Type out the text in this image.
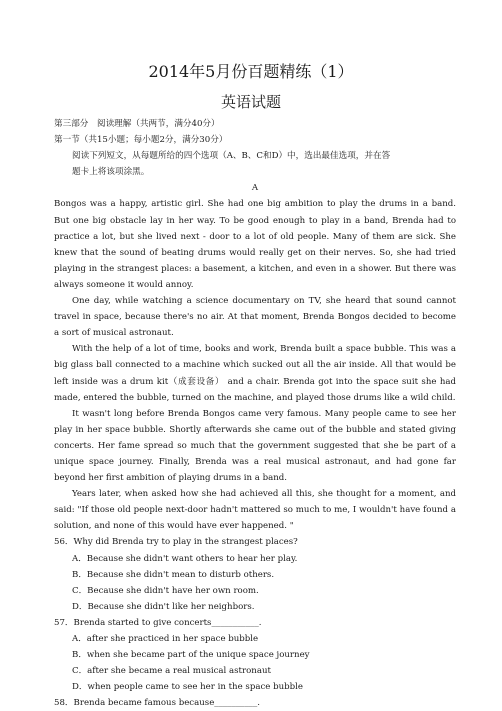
2014年5月份百题精练（1）
英语试题
第三部分　阅读理解（共两节，满分40分）
第一节（共15小题；每小题2分，满分30分）
阅读下列短文，从每题所给的四个选项（A、B、C和D）中，选出最佳选项，并在答
题卡上将该项涂黑。
A
Bongos was a happy, artistic girl. She had one big ambition to play the drums in a band. But one big obstacle lay in her way. To be good enough to play in a band, Brenda had to practice a lot, but she lived next - door to a lot of old people. Many of them are sick. She knew that the sound of beating drums would really get on their nerves. So, she had tried playing in the strangest places: a basement, a kitchen, and even in a shower. But there was always someone it would annoy.
One day, while watching a science documentary on TV, she heard that sound cannot travel in space, because there's no air. At that moment, Brenda Bongos decided to become a sort of musical astronaut.
With the help of a lot of time, books and work, Brenda built a space bubble. This was a big glass ball connected to a machine which sucked out all the air inside. All that would be left inside was a drum kit（成套设备） and a chair. Brenda got into the space suit she had made, entered the bubble, turned on the machine, and played those drums like a wild child.
It wasn't long before Brenda Bongos came very famous. Many people came to see her play in her space bubble. Shortly afterwards she came out of the bubble and stated giving concerts. Her fame spread so much that the government suggested that she be part of a unique space journey. Finally, Brenda was a real musical astronaut, and had gone far beyond her first ambition of playing drums in a band.
Years later, when asked how she had achieved all this, she thought for a moment, and said: "If those old people next-door hadn't mattered so much to me, I wouldn't have found a solution, and none of this would have ever happened. "
56．Why did Brenda try to play in the strangest places?
A．Because she didn't want others to hear her play.
B．Because she didn't mean to disturb others.
C．Because she didn't have her own room.
D．Because she didn't like her neighbors.
57．Brenda started to give concerts___________.
A．after she practiced in her space bubble
B．when she became part of the unique space journey
C．after she became a real musical astronaut
D．when people came to see her in the space bubble
58．Brenda became famous because__________.
